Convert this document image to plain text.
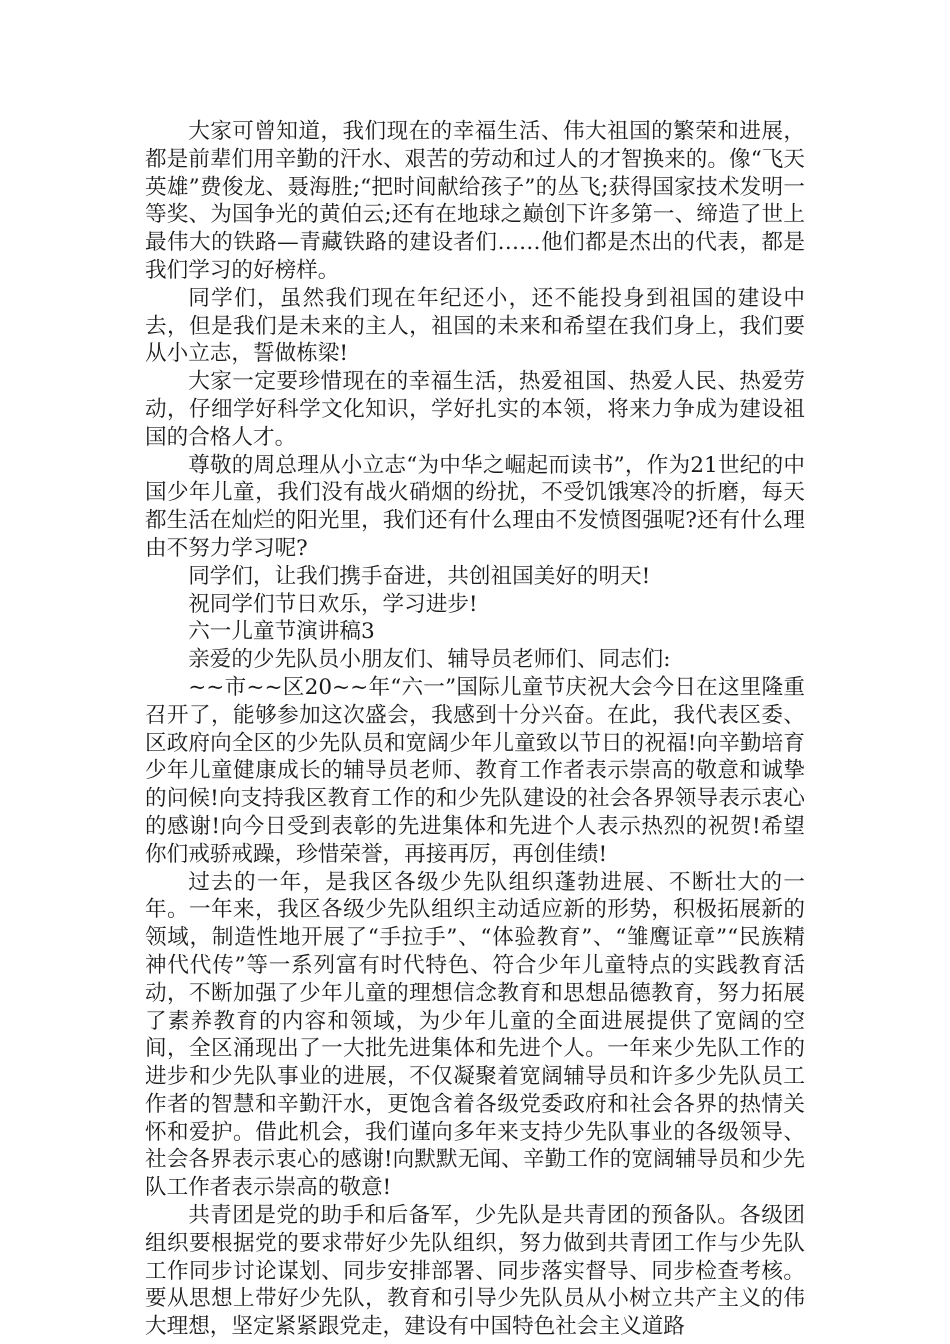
大家可曾知道，我们现在的幸福生活、伟大祖国的繁荣和进展，都是前辈们用辛勤的汗水、艰苦的劳动和过人的才智换来的。像“飞天英雄”费俊龙、聂海胜;“把时间献给孩子”的丛飞;获得国家技术发明一等奖、为国争光的黄伯云;还有在地球之巅创下许多第一、缔造了世上最伟大的铁路—青藏铁路的建设者们……他们都是杰出的代表，都是我们学习的好榜样。

同学们，虽然我们现在年纪还小，还不能投身到祖国的建设中去，但是我们是未来的主人，祖国的未来和希望在我们身上，我们要从小立志，誓做栋梁!

大家一定要珍惜现在的幸福生活，热爱祖国、热爱人民、热爱劳动，仔细学好科学文化知识，学好扎实的本领，将来力争成为建设祖国的合格人才。

尊敬的周总理从小立志“为中华之崛起而读书”，作为21世纪的中国少年儿童，我们没有战火硝烟的纷扰，不受饥饿寒冷的折磨，每天都生活在灿烂的阳光里，我们还有什么理由不发愤图强呢?还有什么理由不努力学习呢?

同学们，让我们携手奋进，共创祖国美好的明天!

祝同学们节日欢乐，学习进步!

六一儿童节演讲稿3

亲爱的少先队员小朋友们、辅导员老师们、同志们:

~~市~~区20~~年“六一”国际儿童节庆祝大会今日在这里隆重召开了，能够参加这次盛会，我感到十分兴奋。在此，我代表区委、区政府向全区的少先队员和宽阔少年儿童致以节日的祝福!向辛勤培育少年儿童健康成长的辅导员老师、教育工作者表示崇高的敬意和诚挚的问候!向支持我区教育工作的和少先队建设的社会各界领导表示衷心的感谢!向今日受到表彰的先进集体和先进个人表示热烈的祝贺!希望你们戒骄戒躁，珍惜荣誉，再接再厉，再创佳绩!

过去的一年，是我区各级少先队组织蓬勃进展、不断壮大的一年。一年来，我区各级少先队组织主动适应新的形势，积极拓展新的领域，制造性地开展了“手拉手”、“体验教育”、“雏鹰证章”“民族精神代代传”等一系列富有时代特色、符合少年儿童特点的实践教育活动，不断加强了少年儿童的理想信念教育和思想品德教育，努力拓展了素养教育的内容和领域，为少年儿童的全面进展提供了宽阔的空间，全区涌现出了一大批先进集体和先进个人。一年来少先队工作的进步和少先队事业的进展，不仅凝聚着宽阔辅导员和许多少先队员工作者的智慧和辛勤汗水，更饱含着各级党委政府和社会各界的热情关怀和爱护。借此机会，我们谨向多年来支持少先队事业的各级领导、社会各界表示衷心的感谢!向默默无闻、辛勤工作的宽阔辅导员和少先队工作者表示崇高的敬意!

共青团是党的助手和后备军，少先队是共青团的预备队。各级团组织要根据党的要求带好少先队组织，努力做到共青团工作与少先队工作同步讨论谋划、同步安排部署、同步落实督导、同步检查考核。要从思想上带好少先队，教育和引导少先队员从小树立共产主义的伟大理想，坚定紧紧跟党走，建设有中国特色社会主义道路
